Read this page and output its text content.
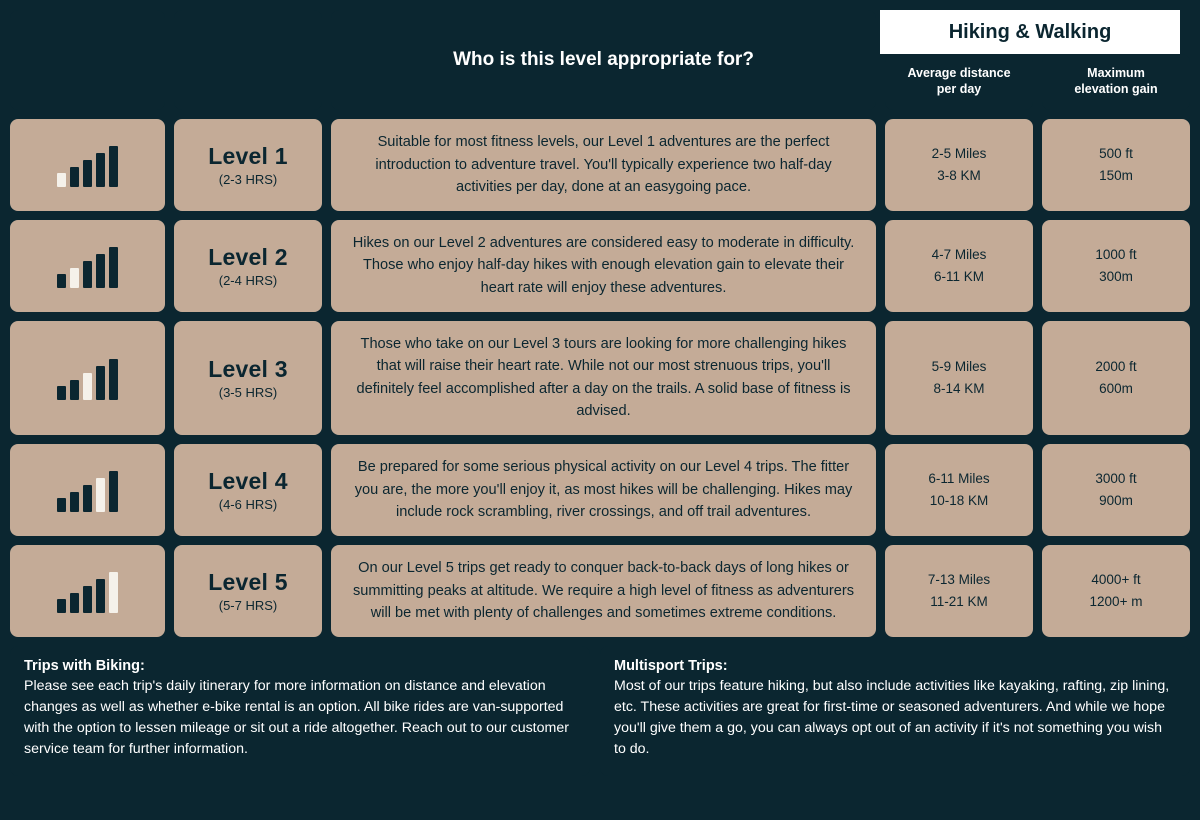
Hiking & Walking
Who is this level appropriate for?
Average distance
per day
Maximum
elevation gain
Level 1
(2-3 HRS)
Suitable for most fitness levels, our Level 1 adventures are the perfect introduction to adventure travel. You'll typically experience two half-day activities per day, done at an easygoing pace.
2-5 Miles
3-8 KM
500 ft
150m
Level 2
(2-4 HRS)
Hikes on our Level 2 adventures are considered easy to moderate in difficulty. Those who enjoy half-day hikes with enough elevation gain to elevate their heart rate will enjoy these adventures.
4-7 Miles
6-11 KM
1000 ft
300m
Level 3
(3-5 HRS)
Those who take on our Level 3 tours are looking for more challenging hikes that will raise their heart rate. While not our most strenuous trips, you'll definitely feel accomplished after a day on the trails. A solid base of fitness is advised.
5-9 Miles
8-14 KM
2000 ft
600m
Level 4
(4-6 HRS)
Be prepared for some serious physical activity on our Level 4 trips. The fitter you are, the more you'll enjoy it, as most hikes will be challenging. Hikes may include rock scrambling, river crossings, and off trail adventures.
6-11 Miles
10-18 KM
3000 ft
900m
Level 5
(5-7 HRS)
On our Level 5 trips get ready to conquer back-to-back days of long hikes or summitting peaks at altitude. We require a high level of fitness as adventurers will be met with plenty of challenges and sometimes extreme conditions.
7-13 Miles
11-21 KM
4000+ ft
1200+ m
Trips with Biking:

Please see each trip's daily itinerary for more information on distance and elevation changes as well as whether e-bike rental is an option. All bike rides are van-supported with the option to lessen mileage or sit out a ride altogether. Reach out to our customer service team for further information.

Multisport Trips:

Most of our trips feature hiking, but also include activities like kayaking, rafting, zip lining, etc. These activities are great for first-time or seasoned adventurers. And while we hope you'll give them a go, you can always opt out of an activity if it's not something you wish to do.
